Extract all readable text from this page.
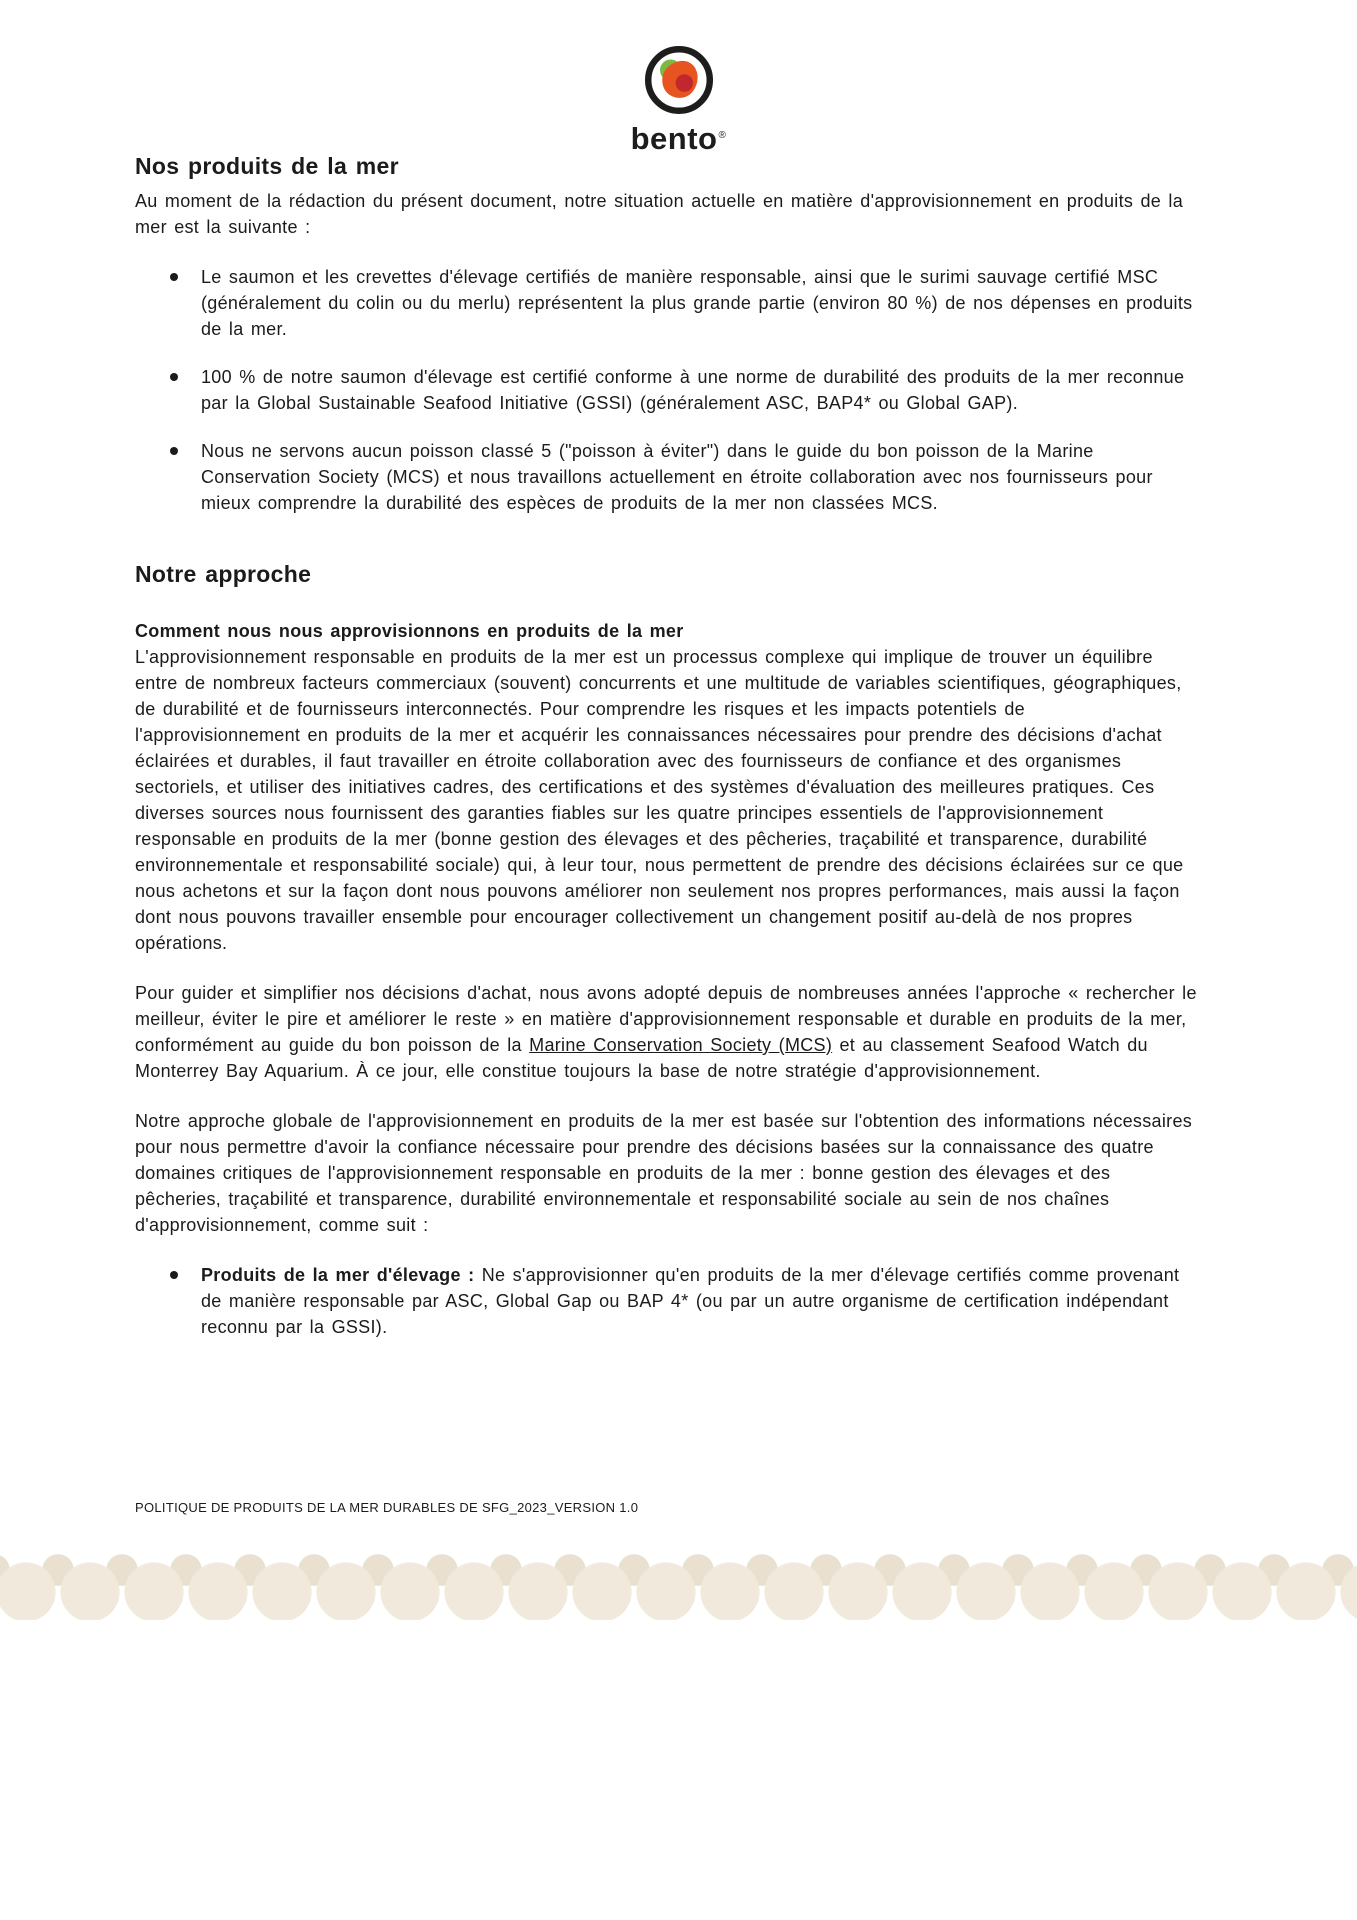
bento®
Nos produits de la mer

Au moment de la rédaction du présent document, notre situation actuelle en matière d'approvisionnement en produits de la mer est la suivante :

Le saumon et les crevettes d'élevage certifiés de manière responsable, ainsi que le surimi sauvage certifié MSC (généralement du colin ou du merlu) représentent la plus grande partie (environ 80 %) de nos dépenses en produits de la mer.
100 % de notre saumon d'élevage est certifié conforme à une norme de durabilité des produits de la mer reconnue par la Global Sustainable Seafood Initiative (GSSI) (généralement ASC, BAP4* ou Global GAP).
Nous ne servons aucun poisson classé 5 ("poisson à éviter") dans le guide du bon poisson de la Marine Conservation Society (MCS) et nous travaillons actuellement en étroite collaboration avec nos fournisseurs pour mieux comprendre la durabilité des espèces de produits de la mer non classées MCS.
Notre approche
Comment nous nous approvisionnons en produits de la mer

L'approvisionnement responsable en produits de la mer est un processus complexe qui implique de trouver un équilibre entre de nombreux facteurs commerciaux (souvent) concurrents et une multitude de variables scientifiques, géographiques, de durabilité et de fournisseurs interconnectés. Pour comprendre les risques et les impacts potentiels de l'approvisionnement en produits de la mer et acquérir les connaissances nécessaires pour prendre des décisions d'achat éclairées et durables, il faut travailler en étroite collaboration avec des fournisseurs de confiance et des organismes sectoriels, et utiliser des initiatives cadres, des certifications et des systèmes d'évaluation des meilleures pratiques. Ces diverses sources nous fournissent des garanties fiables sur les quatre principes essentiels de l'approvisionnement responsable en produits de la mer (bonne gestion des élevages et des pêcheries, traçabilité et transparence, durabilité environnementale et responsabilité sociale) qui, à leur tour, nous permettent de prendre des décisions éclairées sur ce que nous achetons et sur la façon dont nous pouvons améliorer non seulement nos propres performances, mais aussi la façon dont nous pouvons travailler ensemble pour encourager collectivement un changement positif au-delà de nos propres opérations.

Pour guider et simplifier nos décisions d'achat, nous avons adopté depuis de nombreuses années l'approche « rechercher le meilleur, éviter le pire et améliorer le reste » en matière d'approvisionnement responsable et durable en produits de la mer, conformément au guide du bon poisson de la Marine Conservation Society (MCS) et au classement Seafood Watch du Monterrey Bay Aquarium. À ce jour, elle constitue toujours la base de notre stratégie d'approvisionnement.

Notre approche globale de l'approvisionnement en produits de la mer est basée sur l'obtention des informations nécessaires pour nous permettre d'avoir la confiance nécessaire pour prendre des décisions basées sur la connaissance des quatre domaines critiques de l'approvisionnement responsable en produits de la mer : bonne gestion des élevages et des pêcheries, traçabilité et transparence, durabilité environnementale et responsabilité sociale au sein de nos chaînes d'approvisionnement, comme suit :

Produits de la mer d'élevage : Ne s'approvisionner qu'en produits de la mer d'élevage certifiés comme provenant de manière responsable par ASC, Global Gap ou BAP 4* (ou par un autre organisme de certification indépendant reconnu par la GSSI).
POLITIQUE DE PRODUITS DE LA MER DURABLES DE SFG_2023_VERSION 1.0
